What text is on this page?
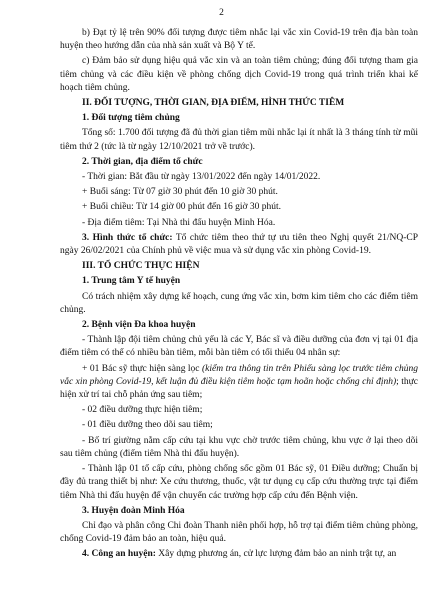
2

b) Đạt tỷ lệ trên 90% đối tượng được tiêm nhắc lại vắc xin Covid-19 trên địa bàn toàn huyện theo hướng dẫn của nhà sản xuất và Bộ Y tế.

c) Đảm bảo sử dụng hiệu quả vắc xin và an toàn tiêm chủng; đúng đối tượng tham gia tiêm chủng và các điều kiện về phòng chống dịch Covid-19 trong quá trình triển khai kế hoạch tiêm chủng.

II. ĐỐI TƯỢNG, THỜI GIAN, ĐỊA ĐIỂM, HÌNH THỨC TIÊM

1. Đối tượng tiêm chủng

Tổng số: 1.700 đối tượng đã đủ thời gian tiêm mũi nhắc lại ít nhất là 3 tháng tính từ mũi tiêm thứ 2 (tức là từ ngày 12/10/2021 trở về trước).

2. Thời gian, địa điểm tổ chức

- Thời gian: Bắt đầu từ ngày 13/01/2022 đến ngày 14/01/2022.

+ Buổi sáng: Từ 07 giờ 30 phút đến 10 giờ 30 phút.

+ Buổi chiều: Từ 14 giờ 00 phút đến 16 giờ 30 phút.

- Địa điểm tiêm: Tại Nhà thi đấu huyện Minh Hóa.

3. Hình thức tổ chức: Tổ chức tiêm theo thứ tự ưu tiên theo Nghị quyết 21/NQ-CP ngày 26/02/2021 của Chính phủ về việc mua và sử dụng vắc xin phòng Covid-19.

III. TỔ CHỨC THỰC HIỆN

1. Trung tâm Y tế huyện

Có trách nhiệm xây dựng kế hoạch, cung ứng vắc xin, bơm kim tiêm cho các điểm tiêm chủng.

2. Bệnh viện Đa khoa huyện

- Thành lập đội tiêm chủng chủ yếu là các Y, Bác sĩ và điều dưỡng của đơn vị tại 01 địa điểm tiêm có thể có nhiều bàn tiêm, mỗi bàn tiêm có tối thiểu 04 nhân sự:

+ 01 Bác sỹ thực hiện sàng lọc (kiểm tra thông tin trên Phiếu sàng lọc trước tiêm chủng vắc xin phòng Covid-19, kết luận đủ điều kiện tiêm hoặc tạm hoãn hoặc chống chỉ định); thực hiện xử trí tai chỗ phản ứng sau tiêm;

- 02 điều dưỡng thực hiện tiêm;

- 01 điều dưỡng theo dõi sau tiêm;

- Bố trí giường nằm cấp cứu tại khu vực chờ trước tiêm chủng, khu vực ở lại theo dõi sau tiêm chủng (điểm tiêm Nhà thi đấu huyện).

- Thành lập 01 tổ cấp cứu, phòng chống sốc gồm 01 Bác sỹ, 01 Điều dưỡng; Chuẩn bị đầy đủ trang thiết bị như: Xe cứu thương, thuốc, vật tư dụng cụ cấp cứu thường trực tại điểm tiêm Nhà thi đấu huyện để vận chuyển các trường hợp cấp cứu đến Bệnh viện.

3. Huyện đoàn Minh Hóa

Chỉ đạo và phân công Chi đoàn Thanh niên phối hợp, hỗ trợ tại điểm tiêm chủng phòng, chống Covid-19 đảm bảo an toàn, hiệu quả.

4. Công an huyện: Xây dựng phương án, cử lực lượng đảm bảo an ninh trật tự, an
